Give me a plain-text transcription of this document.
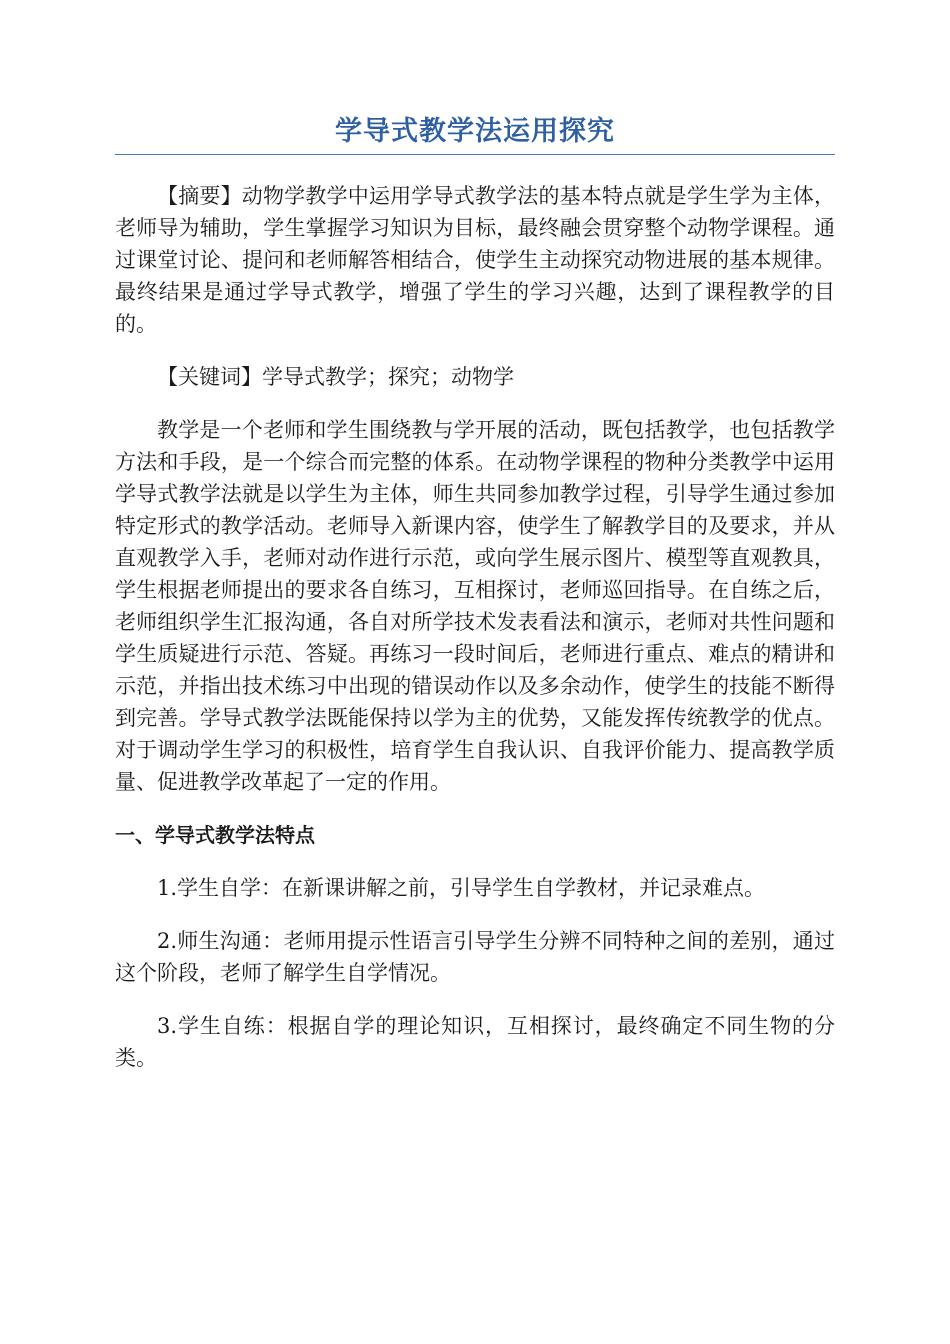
学导式教学法运用探究

【摘要】动物学教学中运用学导式教学法的基本特点就是学生学为主体，老师导为辅助，学生掌握学习知识为目标，最终融会贯穿整个动物学课程。通过课堂讨论、提问和老师解答相结合，使学生主动探究动物进展的基本规律。最终结果是通过学导式教学，增强了学生的学习兴趣，达到了课程教学的目的。

【关键词】学导式教学；探究；动物学

教学是一个老师和学生围绕教与学开展的活动，既包括教学，也包括教学方法和手段，是一个综合而完整的体系。在动物学课程的物种分类教学中运用学导式教学法就是以学生为主体，师生共同参加教学过程，引导学生通过参加特定形式的教学活动。老师导入新课内容，使学生了解教学目的及要求，并从直观教学入手，老师对动作进行示范，或向学生展示图片、模型等直观教具，学生根据老师提出的要求各自练习，互相探讨，老师巡回指导。在自练之后，老师组织学生汇报沟通，各自对所学技术发表看法和演示，老师对共性问题和学生质疑进行示范、答疑。再练习一段时间后，老师进行重点、难点的精讲和示范，并指出技术练习中出现的错误动作以及多余动作，使学生的技能不断得到完善。学导式教学法既能保持以学为主的优势，又能发挥传统教学的优点。对于调动学生学习的积极性，培育学生自我认识、自我评价能力、提高教学质量、促进教学改革起了一定的作用。

一、学导式教学法特点

1.学生自学：在新课讲解之前，引导学生自学教材，并记录难点。

2.师生沟通：老师用提示性语言引导学生分辨不同特种之间的差别，通过这个阶段，老师了解学生自学情况。

3.学生自练：根据自学的理论知识，互相探讨，最终确定不同生物的分类。
